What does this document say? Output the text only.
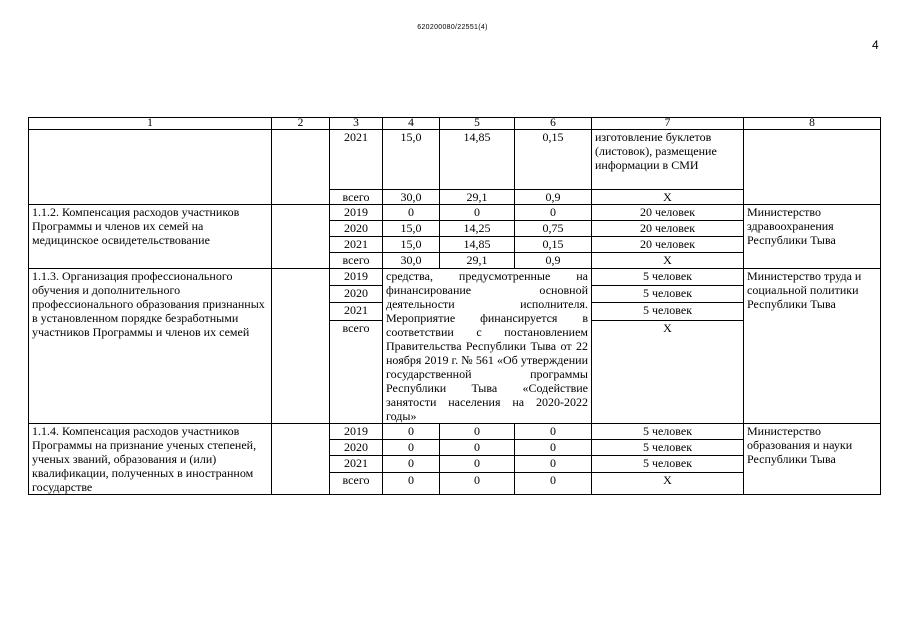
620200080/22551(4)
4
1	2	3	4	5	6	7	8
		2021	15,0	14,85	0,15	изготовление буклетов (листовок), размещение информации в СМИ	
		всего	30,0	29,1	0,9	X	
1.1.2. Компенсация расходов участников Программы и членов их семей на медицинское освидетельствование		2019	0	0	0	20 человек	Министерство здравоохранения Республики Тыва
		2020	15,0	14,25	0,75	20 человек	
		2021	15,0	14,85	0,15	20 человек	
		всего	30,0	29,1	0,9	X	
1.1.3. Организация профессионального обучения и дополнительного профессионального образования признанных в установленном порядке безработными участников Программы и членов их семей		2019	средства, предусмотренные на финансирование основной деятельности исполнителя. Мероприятие финансируется в соответствии с постановлением Правительства Республики Тыва от 22 ноября 2019 г. № 561 «Об утверждении государственной программы Республики Тыва «Содействие занятости населения на 2020-2022 годы»			5 человек	Министерство труда и социальной политики Республики Тыва
		2020				5 человек	
		2021				5 человек	
		всего				X	
1.1.4. Компенсация расходов участников Программы на признание ученых степеней, ученых званий, образования и (или) квалификации, полученных в иностранном государстве		2019	0	0	0	5 человек	Министерство образования и науки Республики Тыва
		2020	0	0	0	5 человек	
		2021	0	0	0	5 человек	
		всего	0	0	0	X	
